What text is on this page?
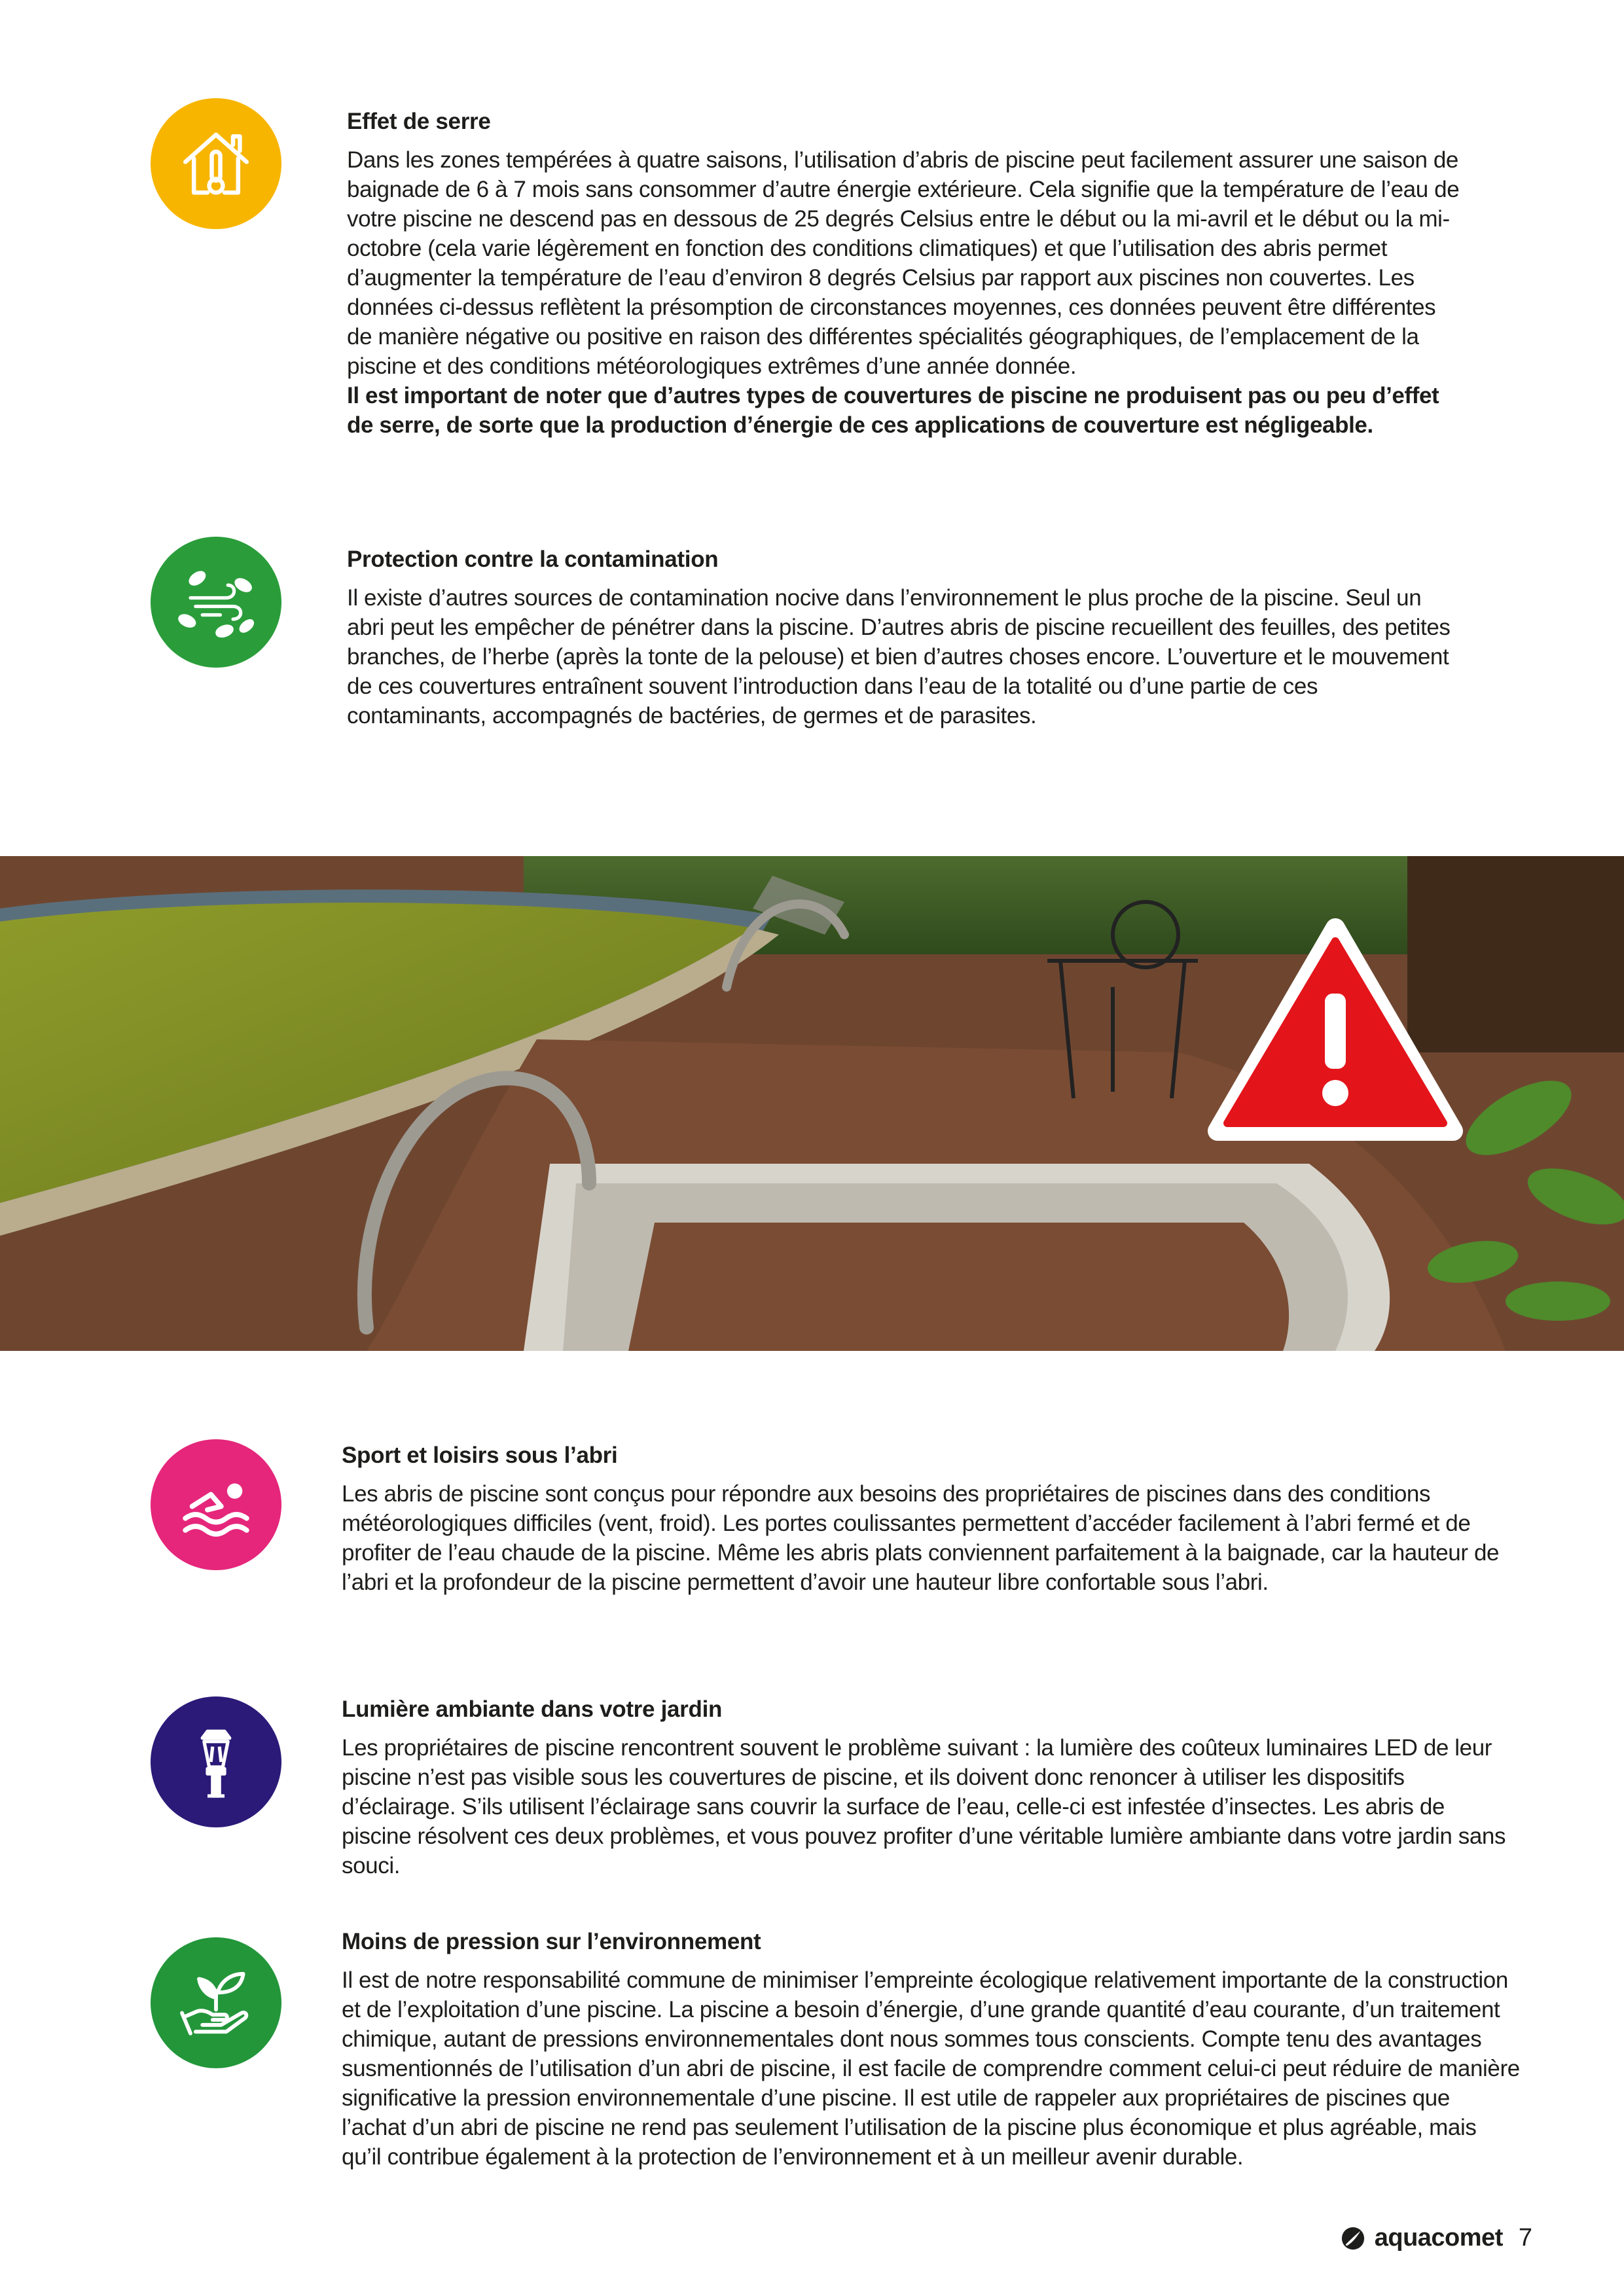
Effet de serre

Dans les zones tempérées à quatre saisons, l’utilisation d’abris de piscine peut facilement assurer une saison de baignade de 6 à 7 mois sans consommer d’autre énergie extérieure. Cela signifie que la température de l’eau de votre piscine ne descend pas en dessous de 25 degrés Celsius entre le début ou la mi-avril et le début ou la mi-octobre (cela varie légèrement en fonction des conditions climatiques) et que l’utilisation des abris permet d’augmenter la température de l’eau d’environ 8 degrés Celsius par rapport aux piscines non couvertes. Les données ci-dessus reflètent la présomption de circonstances moyennes, ces données peuvent être différentes de manière négative ou positive en raison des différentes spécialités géographiques, de l’emplacement de la piscine et des conditions météorologiques extrêmes d’une année donnée.

Il est important de noter que d’autres types de couvertures de piscine ne produisent pas ou peu d’effet de serre, de sorte que la production d’énergie de ces applications de couverture est négligeable.

Protection contre la contamination

Il existe d’autres sources de contamination nocive dans l’environnement le plus proche de la piscine. Seul un abri peut les empêcher de pénétrer dans la piscine. D’autres abris de piscine recueillent des feuilles, des petites branches, de l’herbe (après la tonte de la pelouse) et bien d’autres choses encore. L’ouverture et le mouvement de ces couvertures entraînent souvent l’introduction dans l’eau de la totalité ou d’une partie de ces contaminants, accompagnés de bactéries, de germes et de parasites.

Sport et loisirs sous l’abri

Les abris de piscine sont conçus pour répondre aux besoins des propriétaires de piscines dans des conditions météorologiques difficiles (vent, froid). Les portes coulissantes permettent d’accéder facilement à l’abri fermé et de profiter de l’eau chaude de la piscine. Même les abris plats conviennent parfaitement à la baignade, car la hauteur de l’abri et la profondeur de la piscine permettent d’avoir une hauteur libre confortable sous l’abri.

Lumière ambiante dans votre jardin

Les propriétaires de piscine rencontrent souvent le problème suivant : la lumière des coûteux luminaires LED de leur piscine n’est pas visible sous les couvertures de piscine, et ils doivent donc renoncer à utiliser les dispositifs d’éclairage. S’ils utilisent l’éclairage sans couvrir la surface de l’eau, celle-ci est infestée d’insectes. Les abris de piscine résolvent ces deux problèmes, et vous pouvez profiter d’une véritable lumière ambiante dans votre jardin sans souci.

Moins de pression sur l’environnement

Il est de notre responsabilité commune de minimiser l’empreinte écologique relativement importante de la construction et de l’exploitation d’une piscine. La piscine a besoin d’énergie, d’une grande quantité d’eau courante, d’un traitement chimique, autant de pressions environnementales dont nous sommes tous conscients. Compte tenu des avantages susmentionnés de l’utilisation d’un abri de piscine, il est facile de comprendre comment celui-ci peut réduire de manière significative la pression environnementale d’une piscine. Il est utile de rappeler aux propriétaires de piscines que l’achat d’un abri de piscine ne rend pas seulement l’utilisation de la piscine plus économique et plus agréable, mais qu’il contribue également à la protection de l’environnement et à un meilleur avenir durable.

aquacomet 7
